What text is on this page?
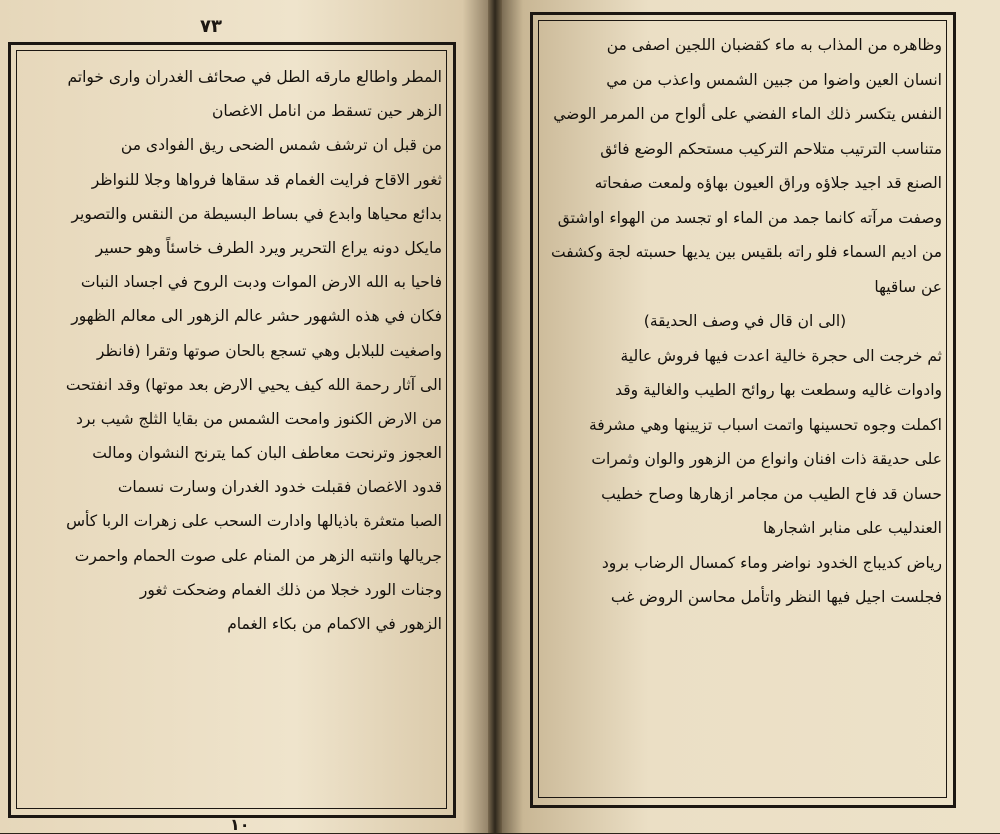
٧٣
المطر واطالع مارقه الطل في صحائف الغدران وارى خواتم
الزهر حين تسقط من انامل الاغصان
من قبل ان ترشف شمس الضحى ريق الفوادى من
ثغور الاقاح فرايت الغمام قد سقاها فرواها وجلا للنواظر
بدائع محياها وابدع في بساط البسيطة من النقس والتصوير
مايكل دونه يراع التحرير ويرد الطرف خاسئاً وهو حسير
فاحيا به الله الارض الموات ودبت الروح في اجساد النبات
فكان في هذه الشهور حشر عالم الزهور الى معالم الظهور
واصغيت للبلابل وهي تسجع بالحان صوتها وتقرا (فانظر
الى آثار رحمة الله كيف يحيي الارض بعد موتها) وقد انفتحت
من الارض الكنوز وامحت الشمس من بقايا الثلج شيب برد
العجوز وترنحت معاطف البان كما يترنح النشوان ومالت
قدود الاغصان فقبلت خدود الغدران وسارت نسمات
الصبا متعثرة باذيالها وادارت السحب على زهرات الربا كأس
جريالها وانتبه الزهر من المنام على صوت الحمام واحمرت
وجنات الورد خجلا من ذلك الغمام وضحكت ثغور
الزهور في الاكمام من بكاء الغمام
وظاهره من المذاب به ماء كقضبان اللجين اصفى من
انسان العين واضوا من جبين الشمس واعذب من مي
النفس يتكسر ذلك الماء الفضي على ألواح من المرمر الوضي
متناسب الترتيب متلاحم التركيب مستحكم الوضع فائق
الصنع قد اجيد جلاؤه وراق العيون بهاؤه ولمعت صفحاته
وصفت مرآته كانما جمد من الماء او تجسد من الهواء اواشتق
من اديم السماء فلو راته بلقيس بين يديها حسبته لجة وكشفت
عن ساقيها
(الى ان قال في وصف الحديقة)
ثم خرجت الى حجرة خالية اعدت فيها فروش عالية
وادوات غاليه وسطعت بها روائح الطيب والغالية وقد
اكملت وجوه تحسينها واتمت اسباب تزيينها وهي مشرفة
على حديقة ذات افنان وانواع من الزهور والوان وثمرات
حسان قد فاح الطيب من مجامر ازهارها وصاح خطيب
العندليب على منابر اشجارها
رياض كديباج الخدود نواضر وماء كمسال الرضاب برود
فجلست اجيل فيها النظر واتأمل محاسن الروض غب
١٠
